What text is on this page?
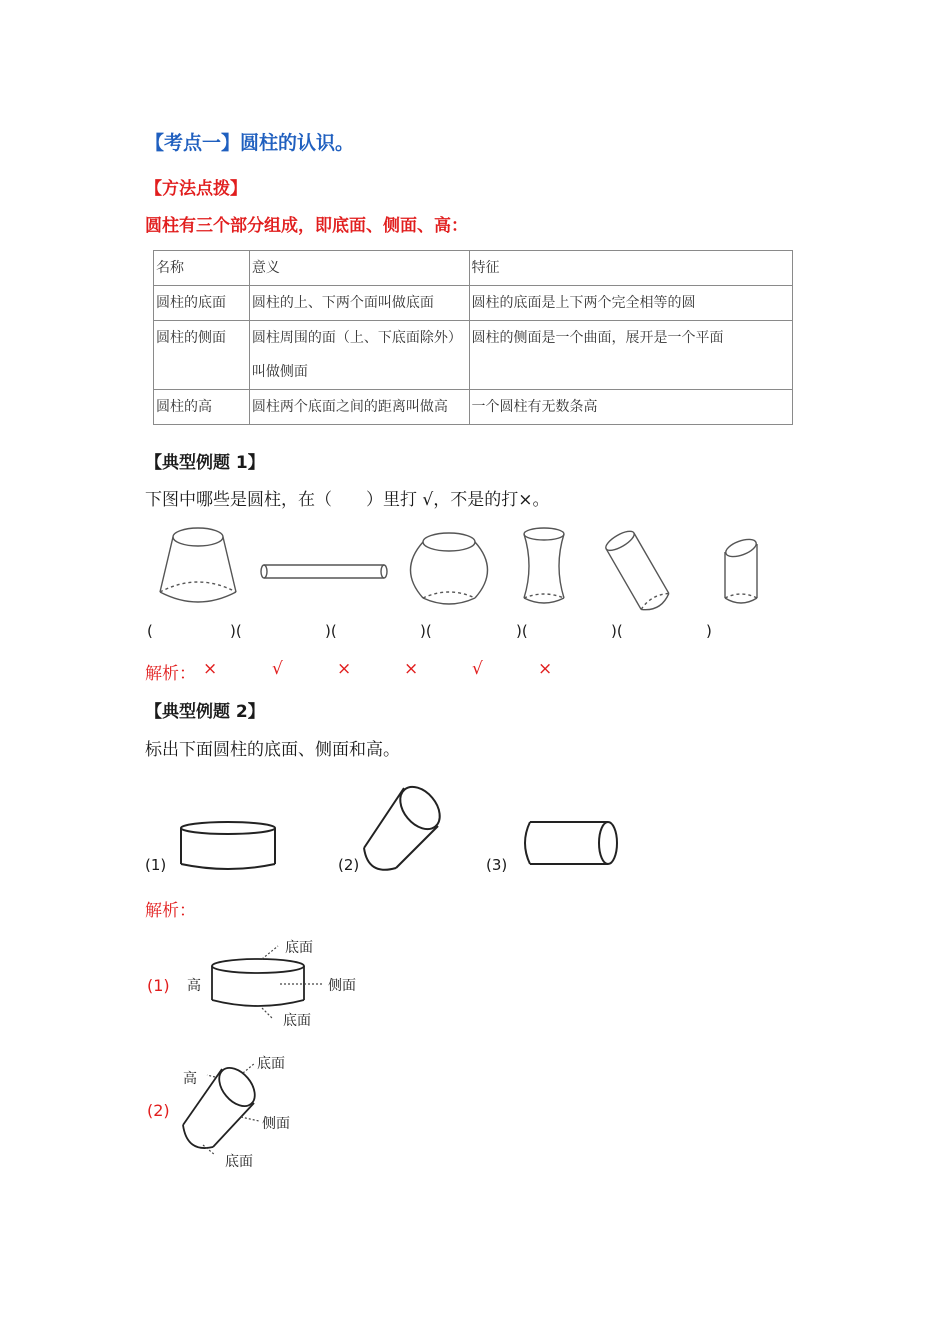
【考点一】圆柱的认识。
【方法点拨】
圆柱有三个部分组成，即底面、侧面、高：
名称	意义	特征
圆柱的底面	圆柱的上、下两个面叫做底面	圆柱的底面是上下两个完全相等的圆
圆柱的侧面	圆柱周围的面（上、下底面除外）叫做侧面	圆柱的侧面是一个曲面，展开是一个平面
圆柱的高	圆柱两个底面之间的距离叫做高	一个圆柱有无数条高
【典型例题 1】
下图中哪些是圆柱，在（　　）里打 √，不是的打×。
(	)(	)(	)(	)(	)(	)
解析： ×	√	×	×	√	×
【典型例题 2】
标出下面圆柱的底面、侧面和高。
(1)	(2)	(3)
解析：
(1)
底面
侧面
高
底面
(2)
底面
高
侧面
底面
